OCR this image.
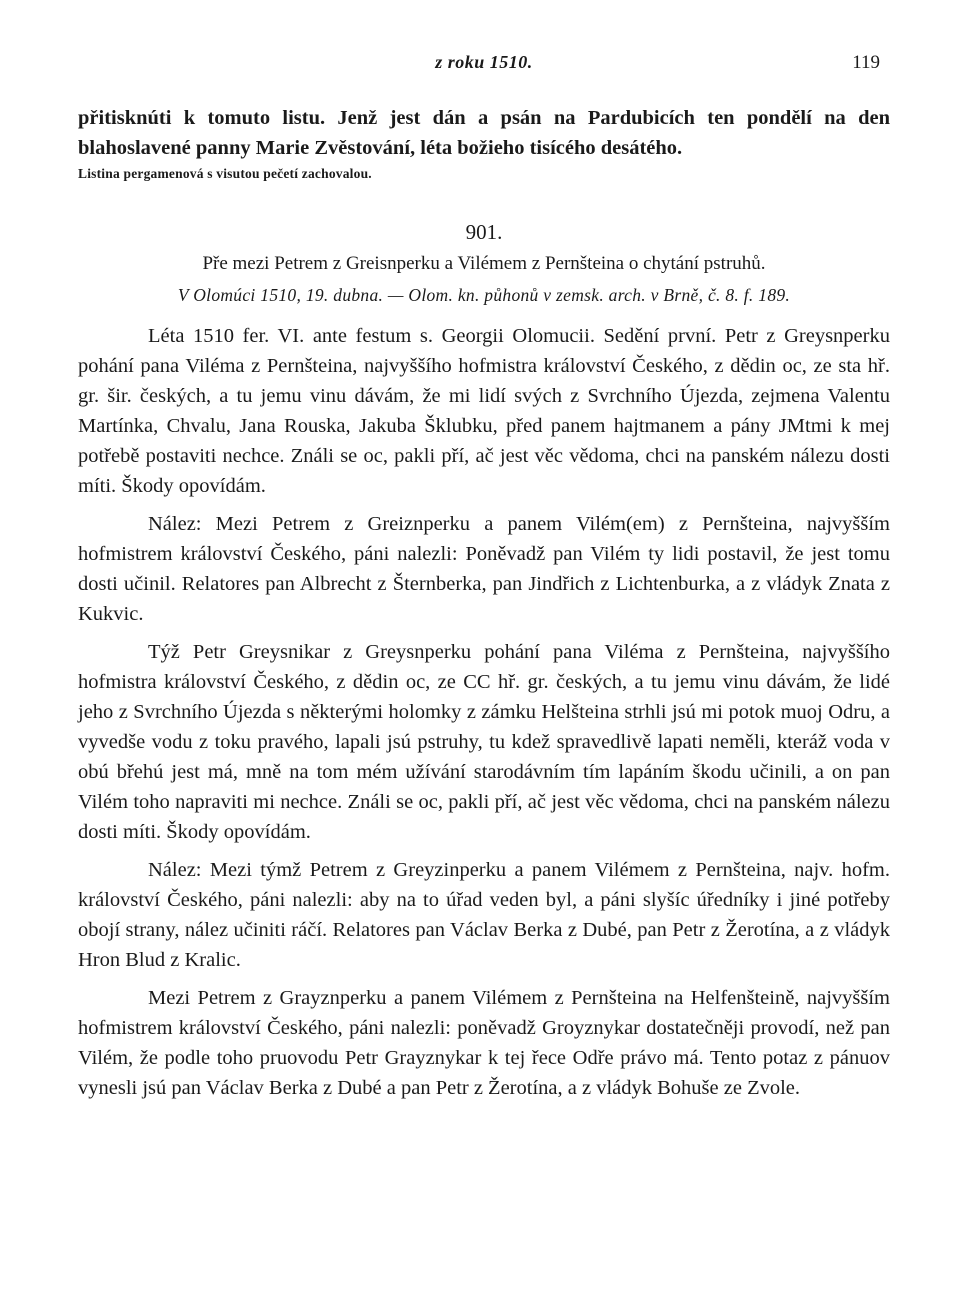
z roku 1510.	119

přitisknúti k tomuto listu. Jenž jest dán a psán na Pardubicích ten pondělí na den blahoslavené panny Marie Zvěstování, léta božieho tisícého desátého.

Listina pergamenová s visutou pečetí zachovalou.

901.
Pře mezi Petrem z Greisnperku a Vilémem z Pernšteina o chytání pstruhů.
V Olomúci 1510, 19. dubna. — Olom. kn. půhonů v zemsk. arch. v Brně, č. 8. f. 189.

Léta 1510 fer. VI. ante festum s. Georgii Olomucii. Sedění první. Petr z Greysnperku pohání pana Viléma z Pernšteina, najvyššího hofmistra království Českého, z dědin oc, ze sta hř. gr. šir. českých, a tu jemu vinu dávám, že mi lidí svých z Svrchního Újezda, zejmena Valentu Martínka, Chvalu, Jana Rouska, Jakuba Šklubku, před panem hajtmanem a pány JMtmi k mej potřebě postaviti nechce. Ználi se oc, pakli pří, ač jest věc vědoma, chci na panském nálezu dosti míti. Škody opovídám.

Nález: Mezi Petrem z Greiznperku a panem Vilém(em) z Pernšteina, najvyšším hofmistrem království Českého, páni nalezli: Poněvadž pan Vilém ty lidi postavil, že jest tomu dosti učinil. Relatores pan Albrecht z Šternberka, pan Jindřich z Lichtenburka, a z vládyk Znata z Kukvic.

Týž Petr Greysnikar z Greysnperku pohání pana Viléma z Pernšteina, najvyššího hofmistra království Českého, z dědin oc, ze CC hř. gr. českých, a tu jemu vinu dávám, že lidé jeho z Svrchního Újezda s některými holomky z zámku Helšteina strhli jsú mi potok muoj Odru, a vyvedše vodu z toku pravého, lapali jsú pstruhy, tu kdež spravedlivě lapati neměli, kteráž voda v obú břehú jest má, mně na tom mém užívání starodávním tím lapáním škodu učinili, a on pan Vilém toho napraviti mi nechce. Ználi se oc, pakli pří, ač jest věc vědoma, chci na panském nálezu dosti míti. Škody opovídám.

Nález: Mezi týmž Petrem z Greyzinperku a panem Vilémem z Pernšteina, najv. hofm. království Českého, páni nalezli: aby na to úřad veden byl, a páni slyšíc úředníky i jiné potřeby obojí strany, nález učiniti ráčí. Relatores pan Václav Berka z Dubé, pan Petr z Žerotína, a z vládyk Hron Blud z Kralic.

Mezi Petrem z Grayznperku a panem Vilémem z Pernšteina na Helfenšteině, najvyšším hofmistrem království Českého, páni nalezli: poněvadž Groyznykar dostatečněji provodí, než pan Vilém, že podle toho pruovodu Petr Grayznykar k tej řece Odře právo má. Tento potaz z pánuov vynesli jsú pan Václav Berka z Dubé a pan Petr z Žerotína, a z vládyk Bohuše ze Zvole.
